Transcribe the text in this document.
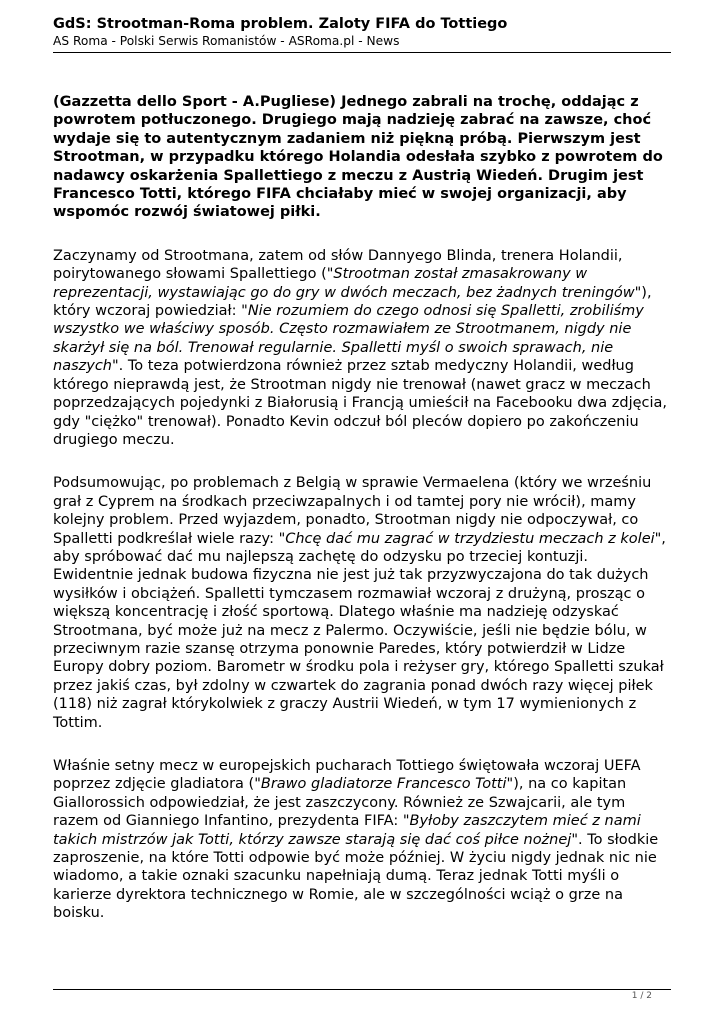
GdS: Strootman-Roma problem. Zaloty FIFA do Tottiego
AS Roma - Polski Serwis Romanistów - ASRoma.pl - News
(Gazzetta dello Sport - A.Pugliese) Jednego zabrali na trochę, oddając z powrotem potłuczonego. Drugiego mają nadzieję zabrać na zawsze, choć wydaje się to autentycznym zadaniem niż piękną próbą. Pierwszym jest Strootman, w przypadku którego Holandia odesłała szybko z powrotem do nadawcy oskarżenia Spallettiego z meczu z Austrią Wiedeń. Drugim jest Francesco Totti, którego FIFA chciałaby mieć w swojej organizacji, aby wspomóc rozwój światowej piłki.
Zaczynamy od Strootmana, zatem od słów Dannyego Blinda, trenera Holandii, poirytowanego słowami Spallettiego ("Strootman został zmasakrowany w reprezentacji, wystawiając go do gry w dwóch meczach, bez żadnych treningów"), który wczoraj powiedział: "Nie rozumiem do czego odnosi się Spalletti, zrobiliśmy wszystko we właściwy sposób. Często rozmawiałem ze Strootmanem, nigdy nie skarżył się na ból. Trenował regularnie. Spalletti myśl o swoich sprawach, nie naszych". To teza potwierdzona również przez sztab medyczny Holandii, według którego nieprawdą jest, że Strootman nigdy nie trenował (nawet gracz w meczach poprzedzających pojedynki z Białorusią i Francją umieścił na Facebooku dwa zdjęcia, gdy "ciężko" trenował). Ponadto Kevin odczuł ból pleców dopiero po zakończeniu drugiego meczu.
Podsumowując, po problemach z Belgią w sprawie Vermaelena (który we wrześniu grał z Cyprem na środkach przeciwzapalnych i od tamtej pory nie wrócił), mamy kolejny problem. Przed wyjazdem, ponadto, Strootman nigdy nie odpoczywał, co Spalletti podkreślał wiele razy: "Chcę dać mu zagrać w trzydziestu meczach z kolei", aby spróbować dać mu najlepszą zachętę do odzysku po trzeciej kontuzji. Ewidentnie jednak budowa fizyczna nie jest już tak przyzwyczajona do tak dużych wysiłków i obciążeń. Spalletti tymczasem rozmawiał wczoraj z drużyną, prosząc o większą koncentrację i złość sportową. Dlatego właśnie ma nadzieję odzyskać Strootmana, być może już na mecz z Palermo. Oczywiście, jeśli nie będzie bólu, w przeciwnym razie szansę otrzyma ponownie Paredes, który potwierdził w Lidze Europy dobry poziom. Barometr w środku pola i reżyser gry, którego Spalletti szukał przez jakiś czas, był zdolny w czwartek do zagrania ponad dwóch razy więcej piłek (118) niż zagrał którykolwiek z graczy Austrii Wiedeń, w tym 17 wymienionych z Tottim.
Właśnie setny mecz w europejskich pucharach Tottiego świętowała wczoraj UEFA poprzez zdjęcie gladiatora ("Brawo gladiatorze Francesco Totti"), na co kapitan Giallorossich odpowiedział, że jest zaszczycony. Również ze Szwajcarii, ale tym razem od Gianniego Infantino, prezydenta FIFA: "Byłoby zaszczytem mieć z nami takich mistrzów jak Totti, którzy zawsze starają się dać coś piłce nożnej". To słodkie zaproszenie, na które Totti odpowie być może później. W życiu nigdy jednak nic nie wiadomo, a takie oznaki szacunku napełniają dumą. Teraz jednak Totti myśli o karierze dyrektora technicznego w Romie, ale w szczególności wciąż o grze na boisku.
1 / 2
